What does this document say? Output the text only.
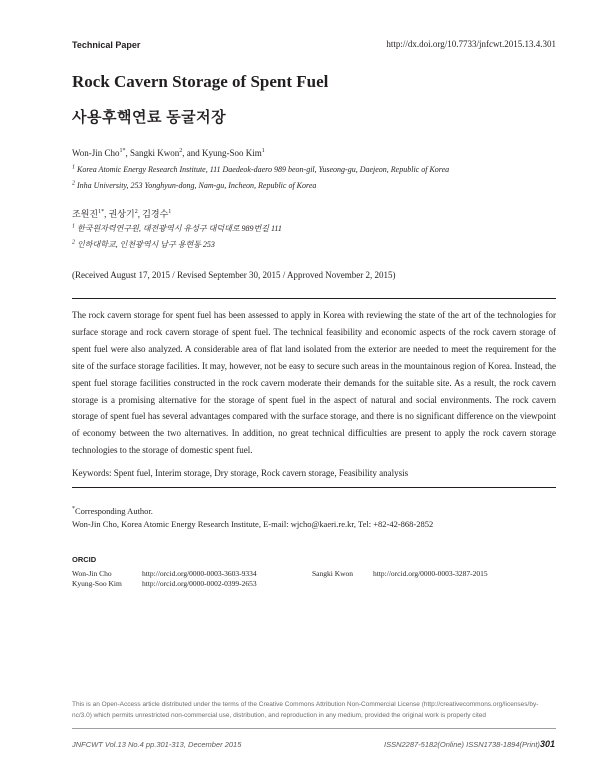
Technical Paper	http://dx.doi.org/10.7733/jnfcwt.2015.13.4.301
Rock Cavern Storage of Spent Fuel
사용후핵연료 동굴저장
Won-Jin Cho$^{1*}$, Sangki Kwon$^2$, and Kyung-Soo Kim$^1$
$^1$ Korea Atomic Energy Research Institute, 111 Daedeok-daero 989 beon-gil, Yuseong-gu, Daejeon, Republic of Korea
$^2$ Inha University, 253 Yonghyun-dong, Nam-gu, Incheon, Republic of Korea
조원진$^{1*}$, 권상기$^2$, 김경수$^1$
$^1$ 한국원자력연구원, 대전광역시 유성구 대덕대로 989번길 111
$^2$ 인하대학교, 인천광역시 남구 용현동 253
(Received August 17, 2015 / Revised September 30, 2015 / Approved November 2, 2015)

The rock cavern storage for spent fuel has been assessed to apply in Korea with reviewing the state of the art of the technologies for surface storage and rock cavern storage of spent fuel. The technical feasibility and economic aspects of the rock cavern storage of spent fuel were also analyzed. A considerable area of flat land isolated from the exterior are needed to meet the requirement for the site of the surface storage facilities. It may, however, not be easy to secure such areas in the mountainous region of Korea. Instead, the spent fuel storage facilities constructed in the rock cavern moderate their demands for the suitable site. As a result, the rock cavern storage is a promising alternative for the storage of spent fuel in the aspect of natural and social environments. The rock cavern storage of spent fuel has several advantages compared with the surface storage, and there is no significant difference on the viewpoint of economy between the two alternatives. In addition, no great technical difficulties are present to apply the rock cavern storage technologies to the storage of domestic spent fuel.

Keywords: Spent fuel, Interim storage, Dry storage, Rock cavern storage, Feasibility analysis
*Corresponding Author.
Won-Jin Cho, Korea Atomic Energy Research Institute, E-mail: wjcho@kaeri.re.kr, Tel: +82-42-868-2852
ORCID
Won-Jin Cho	http://orcid.org/0000-0003-3603-9334	Sangki Kwon	http://orcid.org/0000-0003-3287-2015
Kyung-Soo Kim	http://orcid.org/0000-0002-0399-2653
This is an Open-Access article distributed under the terms of the Creative Commons Attribution Non-Commercial License (http://creativecommons.org/licenses/by-nc/3.0) which permits unrestricted non-commercial use, distribution, and reproduction in any medium, provided the original work is properly cited
JNFCWT Vol.13 No.4 pp.301-313, December 2015	ISSN2287-5182(Online) ISSN1738-1894(Print) 301
